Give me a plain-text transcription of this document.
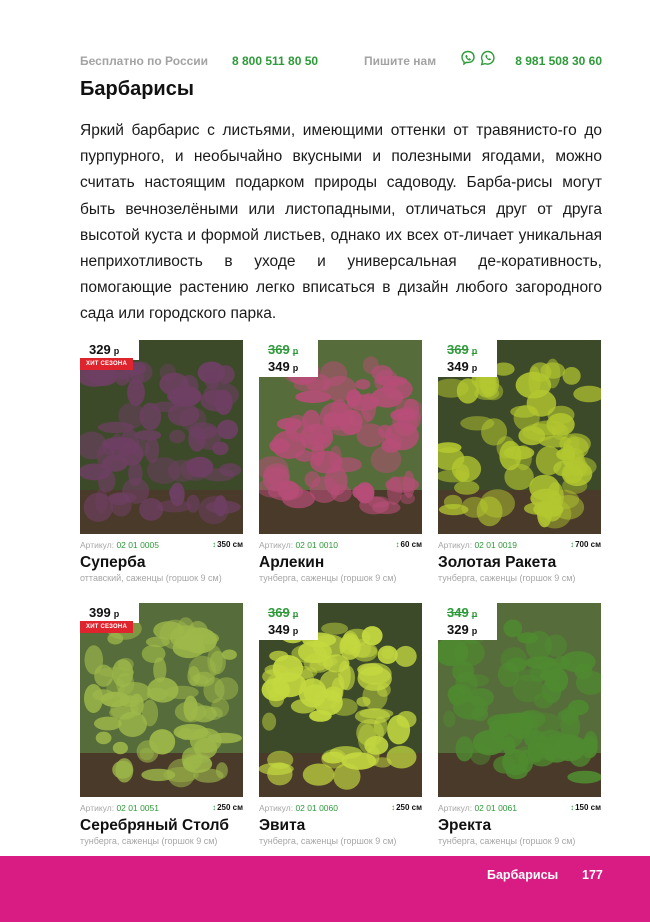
Бесплатно по России 8 800 511 80 50	Пишите нам	8 981 508 30 60
Барбарисы

Яркий барбарис с листьями, имеющими оттенки от травянисто-го до пурпурного, и необычайно вкусными и полезными ягодами, можно считать настоящим подарком природы садоводу. Барба-рисы могут быть вечнозелёными или листопадными, отличаться друг от друга высотой куста и формой листьев, однако их всех от-личает уникальная неприхотливость в уходе и универсальная де-коративность, помогающие растению легко вписаться в дизайн любого загородного сада или городского парка.

329 р
ХИТ СЕЗОНА
Артикул: 02 01 0005	↕350 см
Суперба
оттавский, саженцы (горшок 9 см)
369 р
349 р
Артикул: 02 01 0010	↕60 см
Арлекин
тунберга, саженцы (горшок 9 см)
369 р
349 р
Артикул: 02 01 0019	↕700 см
Золотая Ракета
тунберга, саженцы (горшок 9 см)
399 р
ХИТ СЕЗОНА
Артикул: 02 01 0051	↕250 см
Серебряный Столб
тунберга, саженцы (горшок 9 см)
369 р
349 р
Артикул: 02 01 0060	↕250 см
Эвита
тунберга, саженцы (горшок 9 см)
349 р
329 р
Артикул: 02 01 0061	↕150 см
Эректа
тунберга, саженцы (горшок 9 см)
Барбарисы 177
